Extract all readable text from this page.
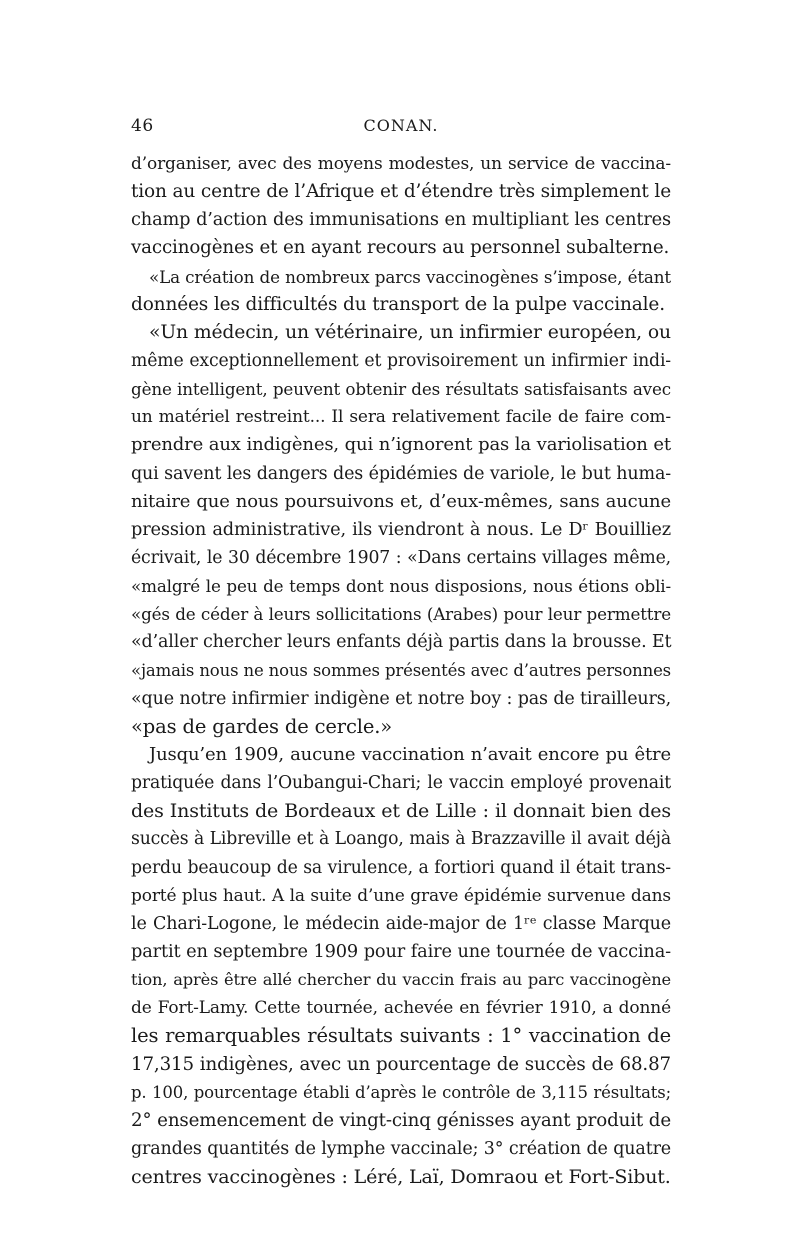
46	CONAN.
d’organiser, avec des moyens modestes, un service de vaccina-
tion au centre de l’Afrique et d’étendre très simplement le
champ d’action des immunisations en multipliant les centres
vaccinogènes et en ayant recours au personnel subalterne.
«La création de nombreux parcs vaccinogènes s’impose, étant
données les difficultés du transport de la pulpe vaccinale.
«Un médecin, un vétérinaire, un infirmier européen, ou
même exceptionnellement et provisoirement un infirmier indi-
gène intelligent, peuvent obtenir des résultats satisfaisants avec
un matériel restreint... Il sera relativement facile de faire com-
prendre aux indigènes, qui n’ignorent pas la variolisation et
qui savent les dangers des épidémies de variole, le but huma-
nitaire que nous poursuivons et, d’eux-mêmes, sans aucune
pression administrative, ils viendront à nous. Le Dʳ Bouilliez
écrivait, le 30 décembre 1907 : «Dans certains villages même,
«malgré le peu de temps dont nous disposions, nous étions obli-
«gés de céder à leurs sollicitations (Arabes) pour leur permettre
«d’aller chercher leurs enfants déjà partis dans la brousse. Et
«jamais nous ne nous sommes présentés avec d’autres personnes
«que notre infirmier indigène et notre boy : pas de tirailleurs,
«pas de gardes de cercle.»
Jusqu’en 1909, aucune vaccination n’avait encore pu être
pratiquée dans l’Oubangui-Chari; le vaccin employé provenait
des Instituts de Bordeaux et de Lille : il donnait bien des
succès à Libreville et à Loango, mais à Brazzaville il avait déjà
perdu beaucoup de sa virulence, a fortiori quand il était trans-
porté plus haut. A la suite d’une grave épidémie survenue dans
le Chari-Logone, le médecin aide-major de 1ʳᵉ classe Marque
partit en septembre 1909 pour faire une tournée de vaccina-
tion, après être allé chercher du vaccin frais au parc vaccinogène
de Fort-Lamy. Cette tournée, achevée en février 1910, a donné
les remarquables résultats suivants : 1° vaccination de
17,315 indigènes, avec un pourcentage de succès de 68.87
p. 100, pourcentage établi d’après le contrôle de 3,115 résultats;
2° ensemencement de vingt-cinq génisses ayant produit de
grandes quantités de lymphe vaccinale; 3° création de quatre
centres vaccinogènes : Léré, Laï, Domraou et Fort-Sibut.
